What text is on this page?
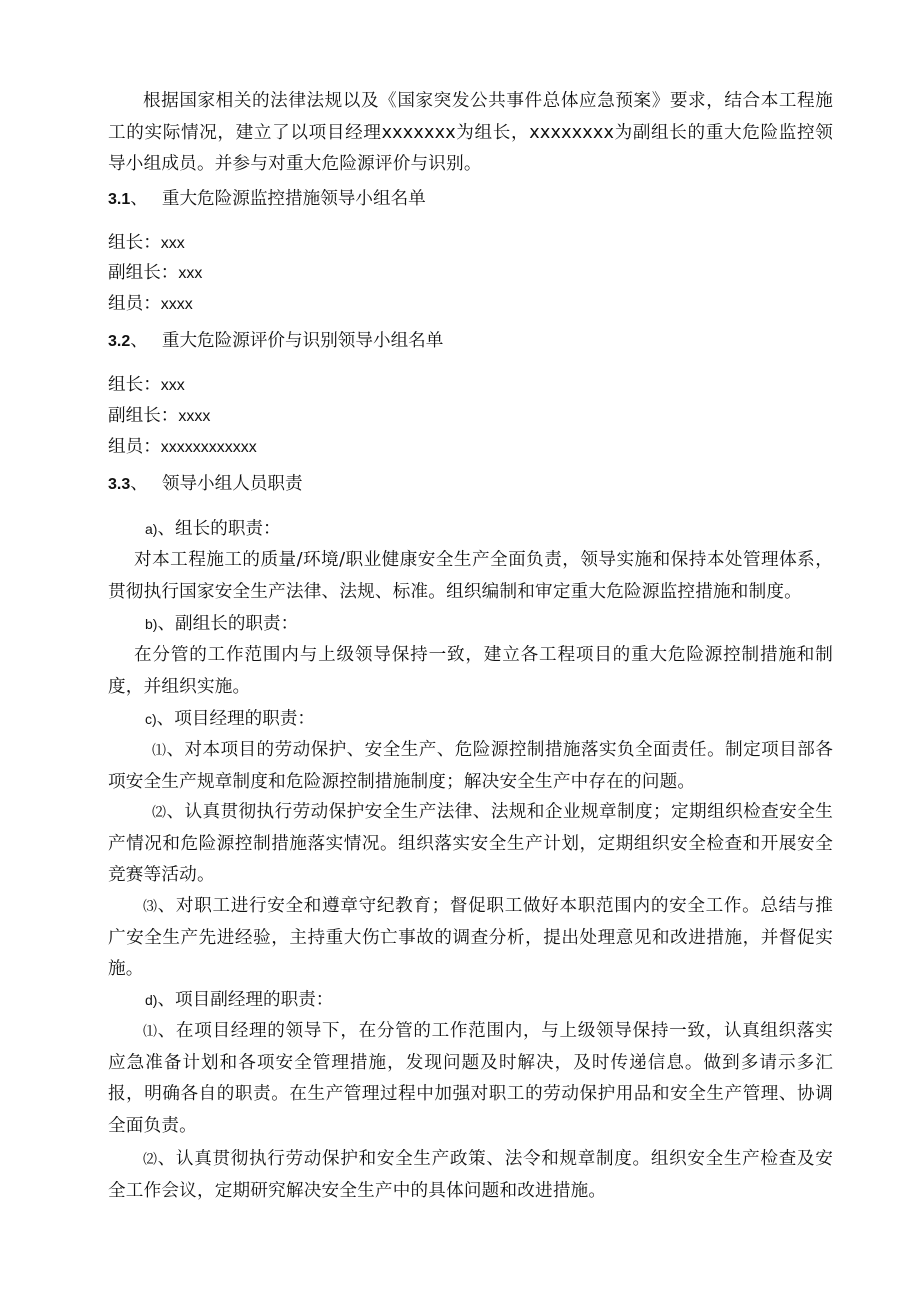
根据国家相关的法律法规以及《国家突发公共事件总体应急预案》要求，结合本工程施工的实际情况，建立了以项目经理xxxxxxx为组长，xxxxxxxx为副组长的重大危险监控领导小组成员。并参与对重大危险源评价与识别。

3.1、 重大危险源监控措施领导小组名单

组长：xxx

副组长：xxx

组员：xxxx

3.2、 重大危险源评价与识别领导小组名单

组长：xxx

副组长：xxxx

组员：xxxxxxxxxxxx

3.3、 领导小组人员职责

a)、组长的职责：

对本工程施工的质量/环境/职业健康安全生产全面负责，领导实施和保持本处管理体系，贯彻执行国家安全生产法律、法规、标准。组织编制和审定重大危险源监控措施和制度。

b)、副组长的职责：

在分管的工作范围内与上级领导保持一致，建立各工程项目的重大危险源控制措施和制度，并组织实施。

c)、项目经理的职责：

⑴、对本项目的劳动保护、安全生产、危险源控制措施落实负全面责任。制定项目部各项安全生产规章制度和危险源控制措施制度；解决安全生产中存在的问题。

⑵、认真贯彻执行劳动保护安全生产法律、法规和企业规章制度；定期组织检查安全生产情况和危险源控制措施落实情况。组织落实安全生产计划，定期组织安全检查和开展安全竞赛等活动。

⑶、对职工进行安全和遵章守纪教育；督促职工做好本职范围内的安全工作。总结与推广安全生产先进经验，主持重大伤亡事故的调查分析，提出处理意见和改进措施，并督促实施。

d)、项目副经理的职责：

⑴、在项目经理的领导下，在分管的工作范围内，与上级领导保持一致，认真组织落实应急准备计划和各项安全管理措施，发现问题及时解决，及时传递信息。做到多请示多汇报，明确各自的职责。在生产管理过程中加强对职工的劳动保护用品和安全生产管理、协调全面负责。

⑵、认真贯彻执行劳动保护和安全生产政策、法令和规章制度。组织安全生产检查及安全工作会议，定期研究解决安全生产中的具体问题和改进措施。
